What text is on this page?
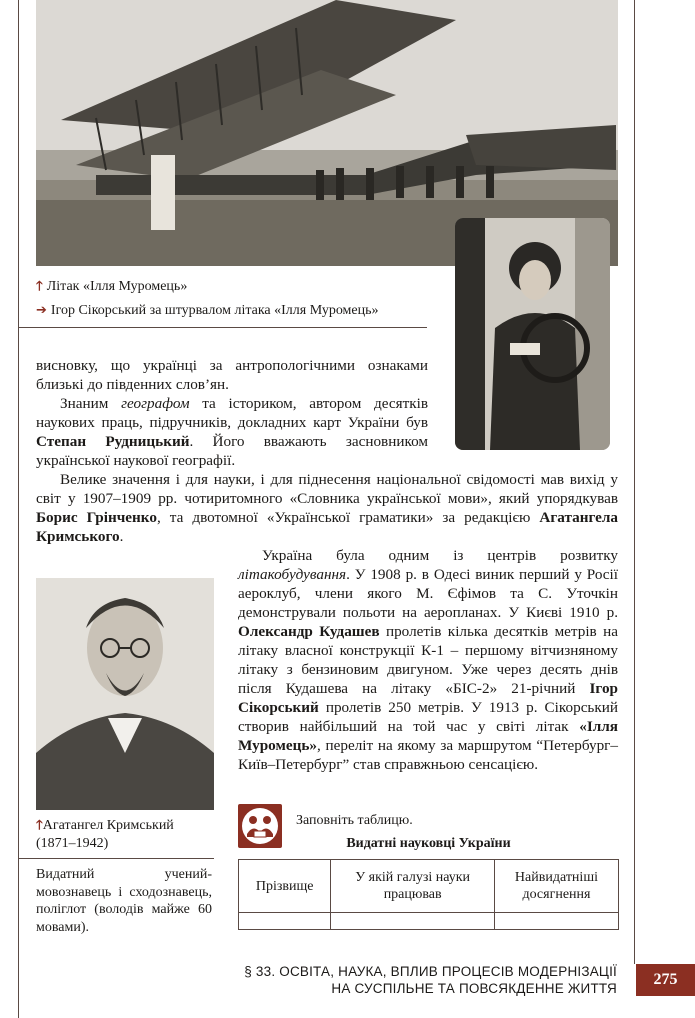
🡑 Літак «Ілля Муромець»
➔ Ігор Сікорський за штурвалом літака «Ілля Муромець»

висновку, що українці за антропологічними ознаками близькі до південних слов’ян.

Знаним географом та істориком, автором десятків наукових праць, підручників, докладних карт України був Степан Рудницький. Його вважають засновником української наукової географії.

Велике значення і для науки, і для піднесення національної свідомості мав вихід у світ у 1907–1909 рр. чотиритомного «Словника української мови», який упорядкував Борис Грінченко, та двотомної «Української граматики» за редакцією Агатангела Кримського.

Україна була одним із центрів розвитку літакобудування. У 1908 р. в Одесі виник перший у Росії аероклуб, члени якого М. Єфімов та С. Уточкін демонстрували польоти на аеропланах. У Києві 1910 р. Олександр Кудашев пролетів кілька десятків метрів на літаку власної конструкції К-1 – першому вітчизняному літаку з бензиновим двигуном. Уже через десять днів після Кудашева на літаку «БІС-2» 21-річний Ігор Сікорський пролетів 250 метрів. У 1913 р. Сікорський створив найбільший на той час у світі літак «Ілля Муромець», переліт на якому за маршрутом “Петербург–Київ–Петербург” став справжньою сенсацією.

🡑Агатангел Кримський
(1871–1942)
Видатний учений-мовознавець і сходознавець, поліглот (володів майже 60 мовами).
Заповніть таблицю.
Видатні науковці України
Прізвище	У якій галузі науки працював	Найвидатніші досягнення

§ 33. ОСВІТА, НАУКА, ВПЛИВ ПРОЦЕСІВ МОДЕРНІЗАЦІЇ
НА СУСПІЛЬНЕ ТА ПОВСЯКДЕННЕ ЖИТТЯ	275
